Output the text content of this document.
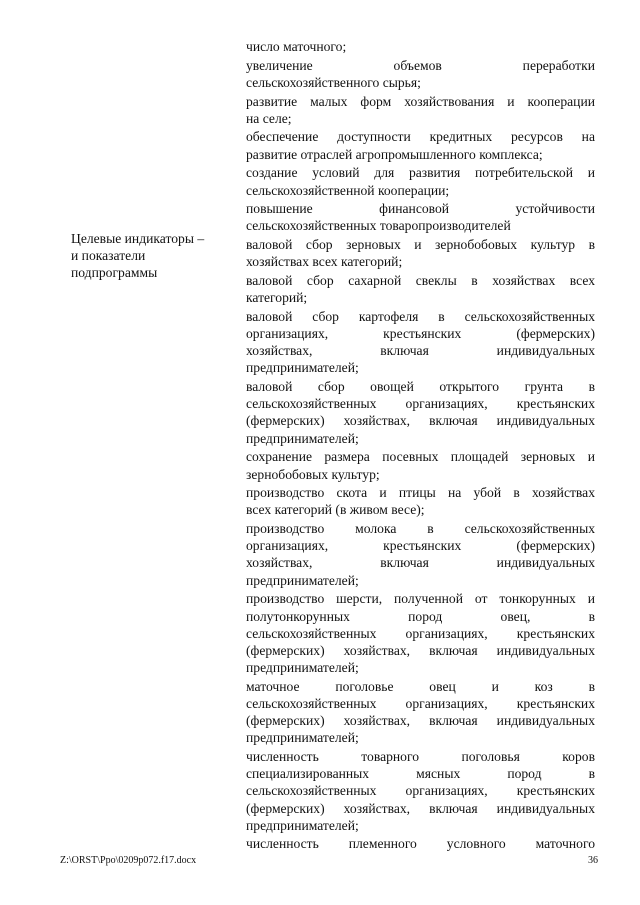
Целевые индикаторы –
и показатели
подпрограммы
число маточного;
увеличение объемов переработки
сельскохозяйственного сырья;
развитие малых форм хозяйствования и кооперации
на селе;
обеспечение доступности кредитных ресурсов на
развитие отраслей агропромышленного комплекса;
создание условий для развития потребительской и
сельскохозяйственной кооперации;
повышение финансовой устойчивости
сельскохозяйственных товаропроизводителей
валовой сбор зерновых и зернобобовых культур в
хозяйствах всех категорий;
валовой сбор сахарной свеклы в хозяйствах всех
категорий;
валовой сбор картофеля в сельскохозяйственных
организациях, крестьянских (фермерских)
хозяйствах, включая индивидуальных
предпринимателей;
валовой сбор овощей открытого грунта в
сельскохозяйственных организациях, крестьянских
(фермерских) хозяйствах, включая индивидуальных
предпринимателей;
сохранение размера посевных площадей зерновых и
зернобобовых культур;
производство скота и птицы на убой в хозяйствах
всех категорий (в живом весе);
производство молока в сельскохозяйственных
организациях, крестьянских (фермерских)
хозяйствах, включая индивидуальных
предпринимателей;
производство шерсти, полученной от тонкорунных и
полутонкорунных пород овец, в
сельскохозяйственных организациях, крестьянских
(фермерских) хозяйствах, включая индивидуальных
предпринимателей;
маточное поголовье овец и коз в
сельскохозяйственных организациях, крестьянских
(фермерских) хозяйствах, включая индивидуальных
предпринимателей;
численность товарного поголовья коров
специализированных мясных пород в
сельскохозяйственных организациях, крестьянских
(фермерских) хозяйствах, включая индивидуальных
предпринимателей;
численность племенного условного маточного
Z:\ORST\Ppo\0209p072.f17.docx	36
